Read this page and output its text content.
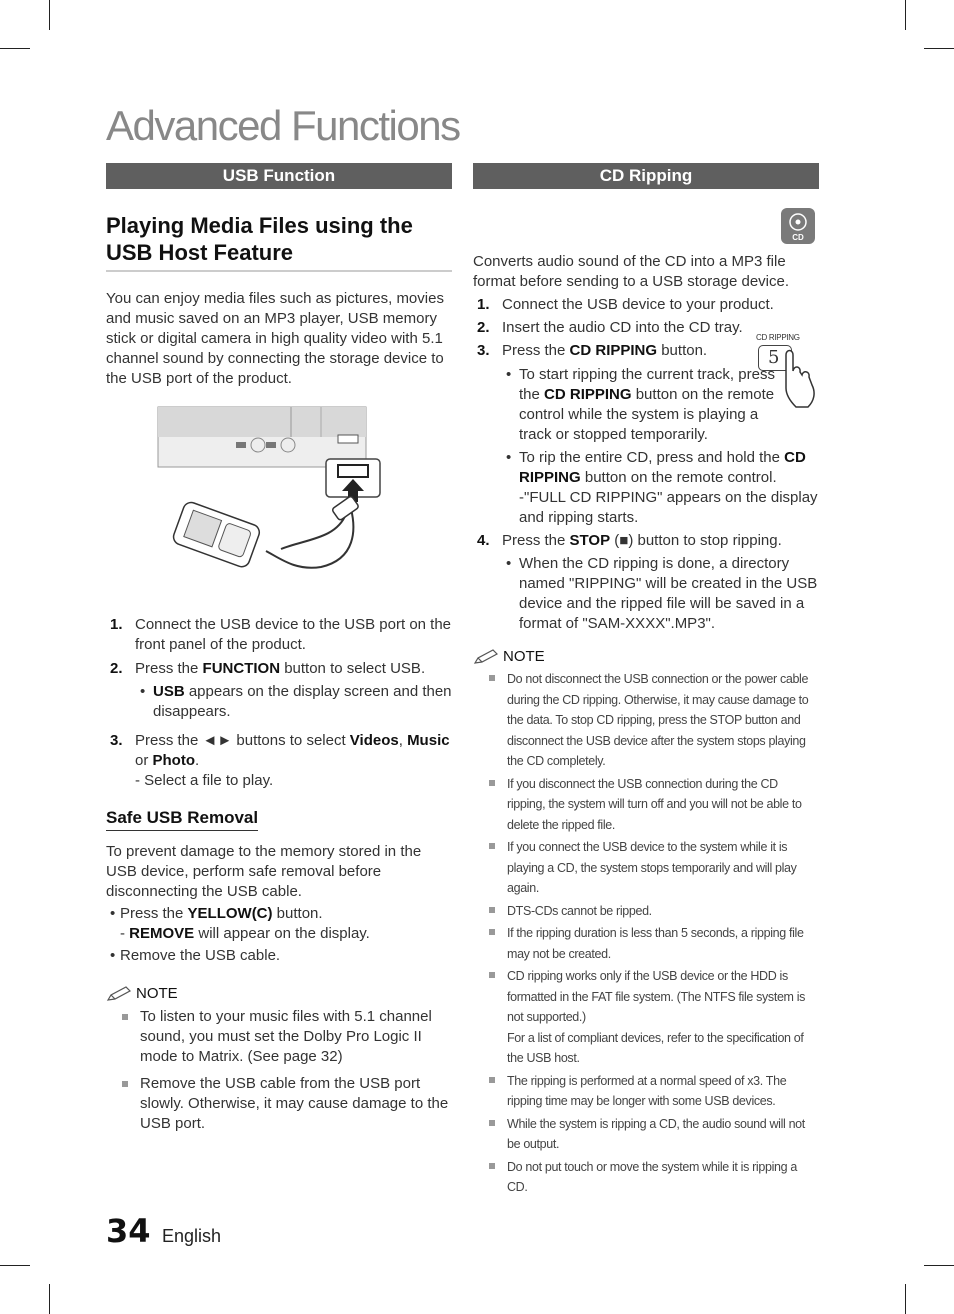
Advanced Functions
USB Function	CD Ripping
Playing Media Files using the USB Host Feature

You can enjoy media files such as pictures, movies and music saved on an MP3 player, USB memory stick or digital camera in high quality video with 5.1 channel sound by connecting the storage device to the USB port of the product.

1. Connect the USB device to the USB port on the front panel of the product.
2. Press the FUNCTION button to select USB.
• USB appears on the display screen and then disappears.
3. Press the ◄► buttons to select Videos, Music or Photo.
- Select a file to play.
Safe USB Removal

To prevent damage to the memory stored in the USB device, perform safe removal before disconnecting the USB cable.

• Press the YELLOW(C) button.
- REMOVE will appear on the display.
• Remove the USB cable.
NOTE
To listen to your music files with 5.1 channel sound, you must set the Dolby Pro Logic II mode to Matrix. (See page 32)
Remove the USB cable from the USB port slowly. Otherwise, it may cause damage to the USB port.
CD

Converts audio sound of the CD into a MP3 file format before sending to a USB storage device.

1. Connect the USB device to your product.
2. Insert the audio CD into the CD tray.
3. Press the CD RIPPING button.
CD RIPPING
5
• To start ripping the current track, press the CD RIPPING button on the remote control while the system is playing a track or stopped temporarily.
• To rip the entire CD, press and hold the CD RIPPING button on the remote control.
-"FULL CD RIPPING" appears on the display and ripping starts.
4. Press the STOP (■) button to stop ripping.
• When the CD ripping is done, a directory named "RIPPING" will be created in the USB device and the ripped file will be saved in a format of "SAM-XXXX".MP3".
NOTE
Do not disconnect the USB connection or the power cable during the CD ripping. Otherwise, it may cause damage to the data. To stop CD ripping, press the STOP button and disconnect the USB device after the system stops playing the CD completely.
If you disconnect the USB connection during the CD ripping, the system will turn off and you will not be able to delete the ripped file.
If you connect the USB device to the system while it is playing a CD, the system stops temporarily and will play again.
DTS-CDs cannot be ripped.
If the ripping duration is less than 5 seconds, a ripping file may not be created.
CD ripping works only if the USB device or the HDD is formatted in the FAT file system. (The NTFS file system is not supported.)
For a list of compliant devices, refer to the specification of the USB host.
The ripping is performed at a normal speed of x3. The ripping time may be longer with some USB devices.
While the system is ripping a CD, the audio sound will not be output.
Do not put touch or move the system while it is ripping a CD.
34 English
